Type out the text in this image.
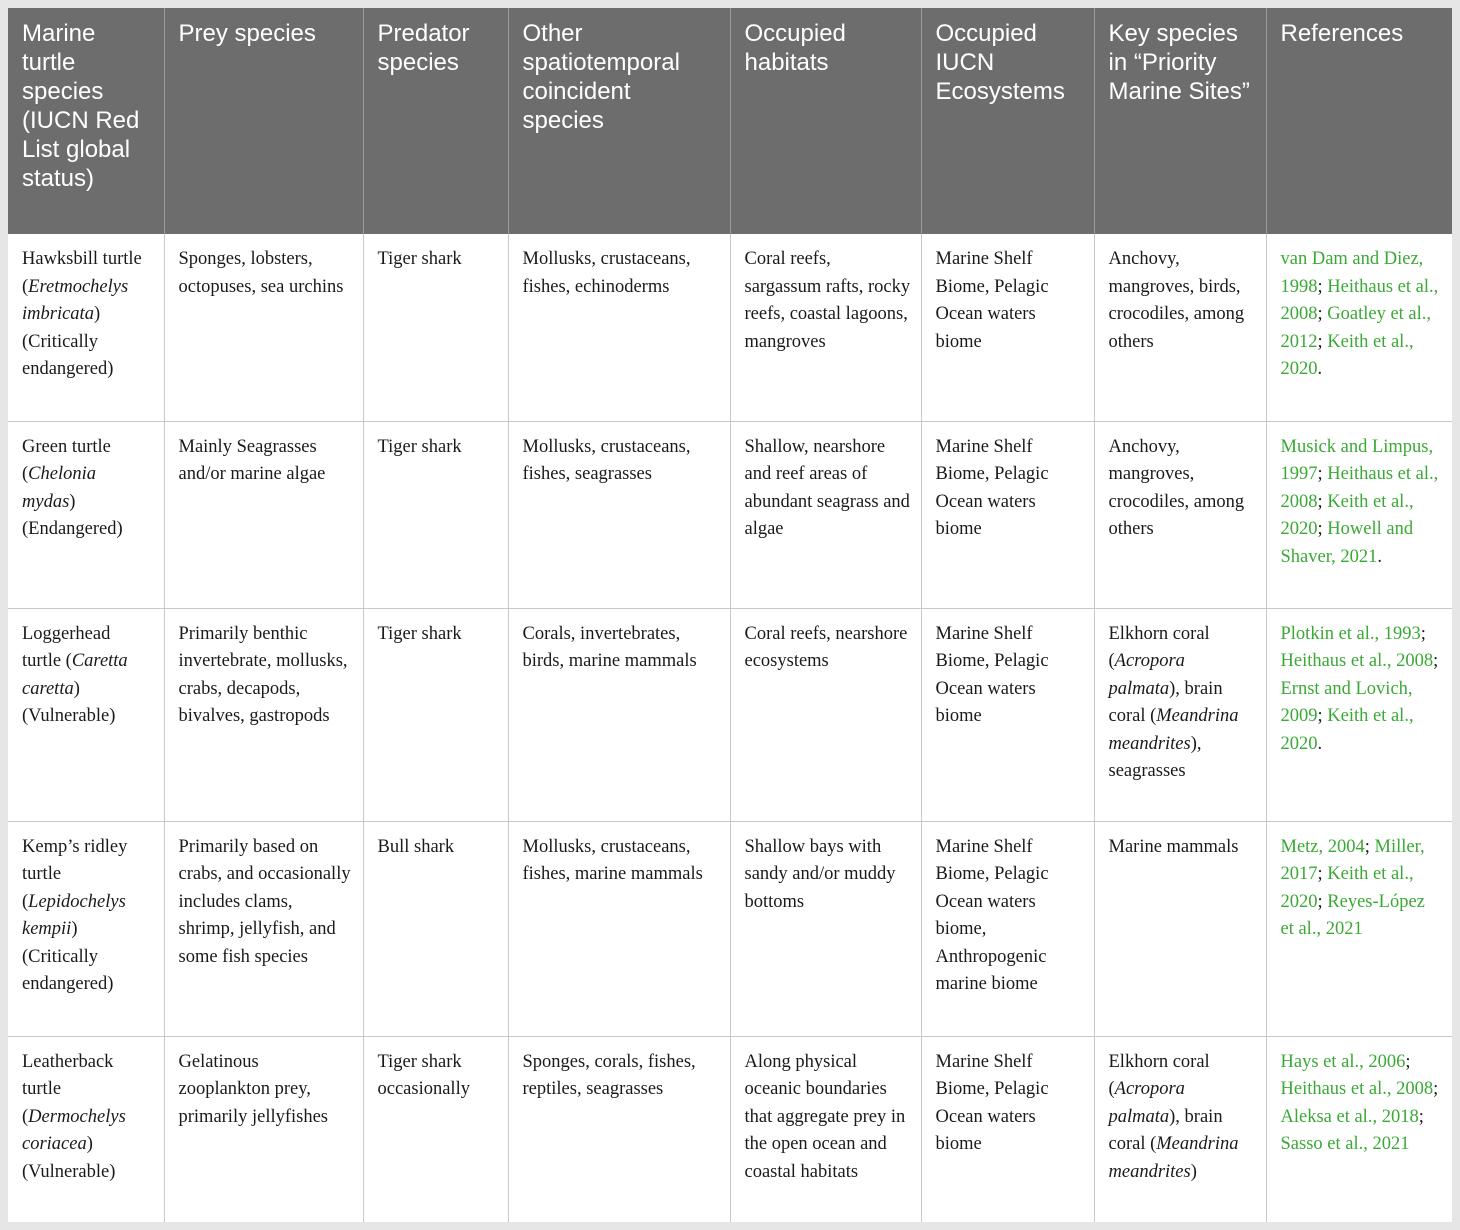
Marine turtle species (IUCN Red List global status)	Prey species	Predator species	Other spatiotemporal coincident species	Occupied habitats	Occupied IUCN Ecosystems	Key species in “Priority Marine Sites”	References
Hawksbill turtle (Eretmochelys imbricata) (Critically endangered)	Sponges, lobsters, octopuses, sea urchins	Tiger shark	Mollusks, crustaceans, fishes, echinoderms	Coral reefs, sargassum rafts, rocky reefs, coastal lagoons, mangroves	Marine Shelf Biome, Pelagic Ocean waters biome	Anchovy, mangroves, birds, crocodiles, among others	van Dam and Diez, 1998; Heithaus et al., 2008; Goatley et al., 2012; Keith et al., 2020.
Green turtle (Chelonia mydas) (Endangered)	Mainly Seagrasses and/or marine algae	Tiger shark	Mollusks, crustaceans, fishes, seagrasses	Shallow, nearshore and reef areas of abundant seagrass and algae	Marine Shelf Biome, Pelagic Ocean waters biome	Anchovy, mangroves, crocodiles, among others	Musick and Limpus, 1997; Heithaus et al., 2008; Keith et al., 2020; Howell and Shaver, 2021.
Loggerhead turtle (Caretta caretta) (Vulnerable)	Primarily benthic invertebrate, mollusks, crabs, decapods, bivalves, gastropods	Tiger shark	Corals, invertebrates, birds, marine mammals	Coral reefs, nearshore ecosystems	Marine Shelf Biome, Pelagic Ocean waters biome	Elkhorn coral (Acropora palmata), brain coral (Meandrina meandrites), seagrasses	Plotkin et al., 1993; Heithaus et al., 2008; Ernst and Lovich, 2009; Keith et al., 2020.
Kemp’s ridley turtle (Lepidochelys kempii) (Critically endangered)	Primarily based on crabs, and occasionally includes clams, shrimp, jellyfish, and some fish species	Bull shark	Mollusks, crustaceans, fishes, marine mammals	Shallow bays with sandy and/or muddy bottoms	Marine Shelf Biome, Pelagic Ocean waters biome, Anthropogenic marine biome	Marine mammals	Metz, 2004; Miller, 2017; Keith et al., 2020; Reyes-López et al., 2021
Leatherback turtle (Dermochelys coriacea) (Vulnerable)	Gelatinous zooplankton prey, primarily jellyfishes	Tiger shark occasionally	Sponges, corals, fishes, reptiles, seagrasses	Along physical oceanic boundaries that aggregate prey in the open ocean and coastal habitats	Marine Shelf Biome, Pelagic Ocean waters biome	Elkhorn coral (Acropora palmata), brain coral (Meandrina meandrites)	Hays et al., 2006; Heithaus et al., 2008; Aleksa et al., 2018; Sasso et al., 2021
